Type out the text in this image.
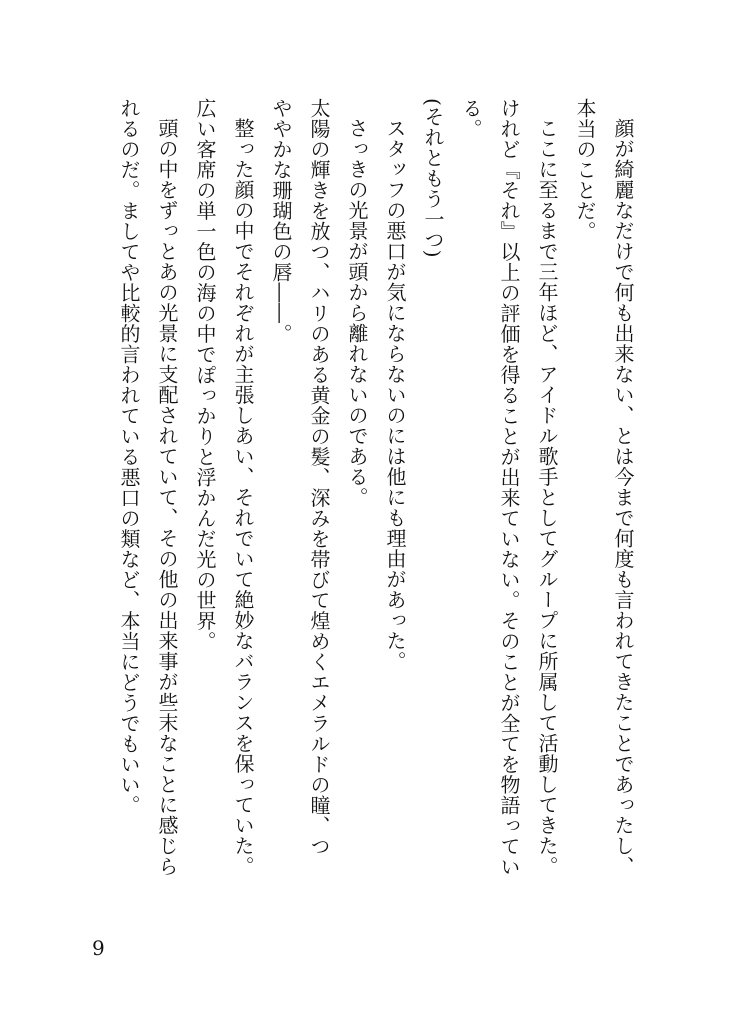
顔が綺麗なだけで何も出来ない、とは今まで何度も言われてきたことであったし、
本当のことだ。
ここに至るまで三年ほど、アイドル歌手としてグループに所属して活動してきた。
けれど『それ』以上の評価を得ることが出来ていない。そのことが全てを物語ってい
る。
(それともう一つ)
スタッフの悪口が気にならないのには他にも理由があった。
さっきの光景が頭から離れないのである。
太陽の輝きを放つ、ハリのある黄金の髪、深みを帯びて煌めくエメラルドの瞳、つ
ややかな珊瑚色の唇――。
整った顔の中でそれぞれが主張しあい、それでいて絶妙なバランスを保っていた。
広い客席の単一色の海の中でぽっかりと浮かんだ光の世界。
頭の中をずっとあの光景に支配されていて、その他の出来事が些末なことに感じら
れるのだ。ましてや比較的言われている悪口の類など、本当にどうでもいい。
9
